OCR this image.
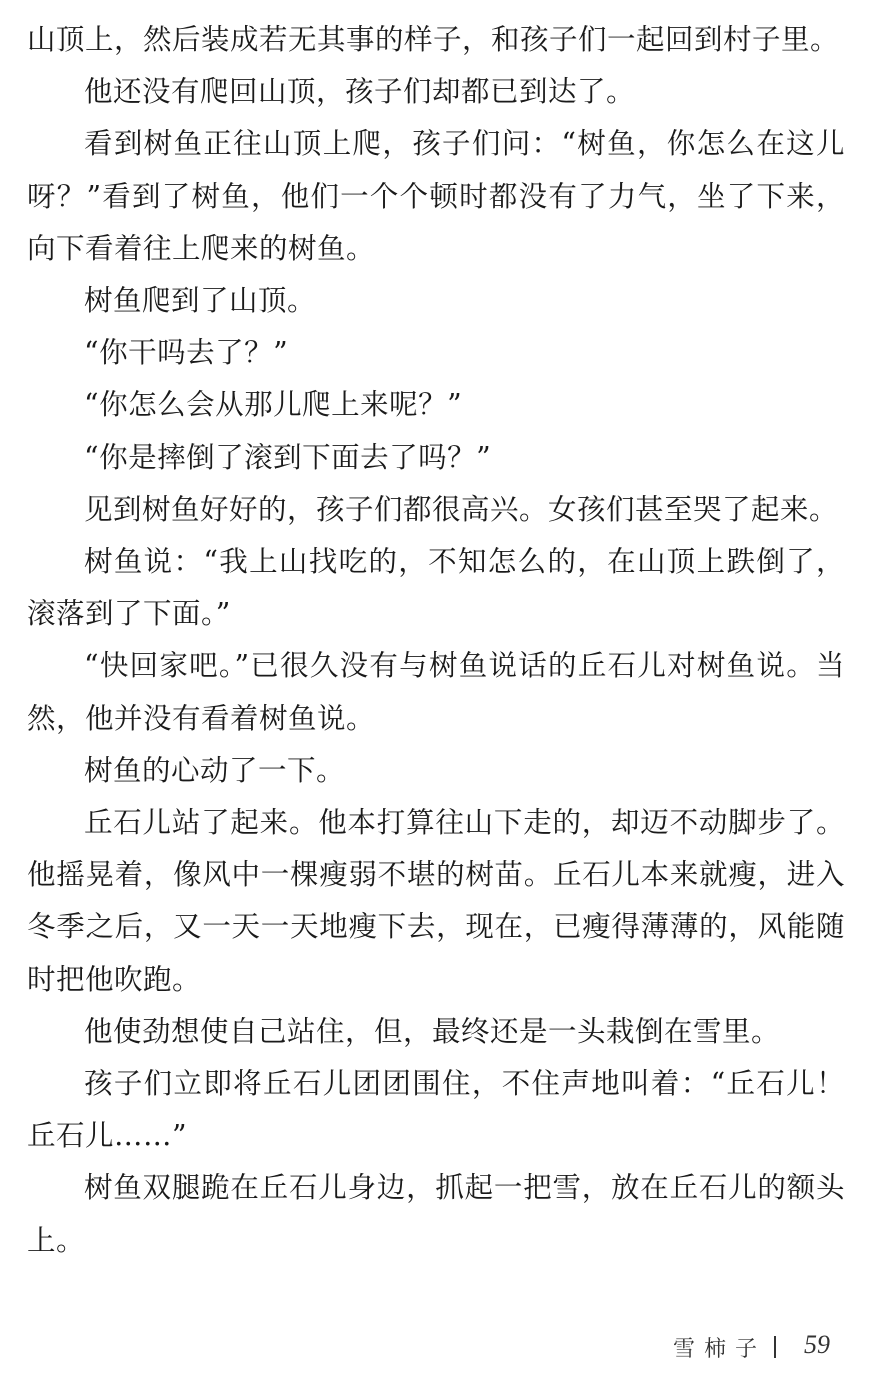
山顶上，然后装成若无其事的样子，和孩子们一起回到村子里。

他还没有爬回山顶，孩子们却都已到达了。

看到树鱼正往山顶上爬，孩子们问：“树鱼，你怎么在这儿呀？”看到了树鱼，他们一个个顿时都没有了力气，坐了下来，向下看着往上爬来的树鱼。

树鱼爬到了山顶。

“你干吗去了？”

“你怎么会从那儿爬上来呢？”

“你是摔倒了滚到下面去了吗？”

见到树鱼好好的，孩子们都很高兴。女孩们甚至哭了起来。

树鱼说：“我上山找吃的，不知怎么的，在山顶上跌倒了，滚落到了下面。”

“快回家吧。”已很久没有与树鱼说话的丘石儿对树鱼说。当然，他并没有看着树鱼说。

树鱼的心动了一下。

丘石儿站了起来。他本打算往山下走的，却迈不动脚步了。他摇晃着，像风中一棵瘦弱不堪的树苗。丘石儿本来就瘦，进入冬季之后，又一天一天地瘦下去，现在，已瘦得薄薄的，风能随时把他吹跑。

他使劲想使自己站住，但，最终还是一头栽倒在雪里。

孩子们立即将丘石儿团团围住，不住声地叫着：“丘石儿！丘石儿……”

树鱼双腿跪在丘石儿身边，抓起一把雪，放在丘石儿的额头上。

雪柿子 59
